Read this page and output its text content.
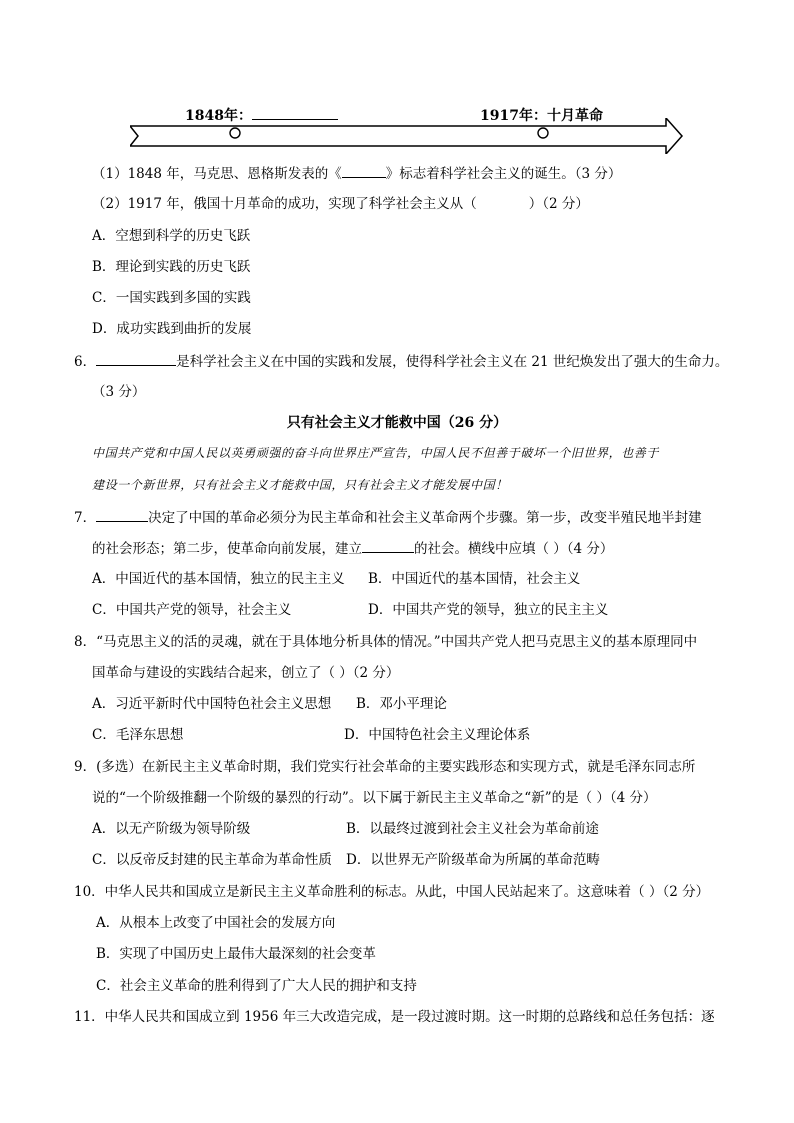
1848年：	1917年：十月革命
（1）1848 年，马克思、恩格斯发表的《	》标志着科学社会主义的诞生。（3 分）
（2）1917 年，俄国十月革命的成功，实现了科学社会主义从（	）（2 分）
A．空想到科学的历史飞跃
B．理论到实践的历史飞跃
C．一国实践到多国的实践
D．成功实践到曲折的发展
6．	是科学社会主义在中国的实践和发展，使得科学社会主义在 21 世纪焕发出了强大的生命力。
（3 分）
只有社会主义才能救中国（26 分）
中国共产党和中国人民以英勇顽强的奋斗向世界庄严宣告，中国人民不但善于破坏一个旧世界，也善于
建设一个新世界，只有社会主义才能救中国，只有社会主义才能发展中国！
7．	决定了中国的革命必须分为民主革命和社会主义革命两个步骤。第一步，改变半殖民地半封建
的社会形态；第二步，使革命向前发展，建立	的社会。横线中应填（ ）（4 分）
A．中国近代的基本国情，独立的民主主义 B．中国近代的基本国情，社会主义
C．中国共产党的领导，社会主义	D．中国共产党的领导，独立的民主主义
8．“马克思主义的活的灵魂，就在于具体地分析具体的情况。”中国共产党人把马克思主义的基本原理同中
国革命与建设的实践结合起来，创立了（ ）（2 分）
A．习近平新时代中国特色社会主义思想 B．邓小平理论
C．毛泽东思想	D．中国特色社会主义理论体系
9．(多选）在新民主主义革命时期，我们党实行社会革命的主要实践形态和实现方式，就是毛泽东同志所
说的“一个阶级推翻一个阶级的暴烈的行动”。以下属于新民主主义革命之“新”的是（ ）（4 分）
A．以无产阶级为领导阶级	B．以最终过渡到社会主义社会为革命前途
C．以反帝反封建的民主革命为革命性质 D．以世界无产阶级革命为所属的革命范畴
10．中华人民共和国成立是新民主主义革命胜利的标志。从此，中国人民站起来了。这意味着（ ）（2 分）
A．从根本上改变了中国社会的发展方向
B．实现了中国历史上最伟大最深刻的社会变革
C．社会主义革命的胜利得到了广大人民的拥护和支持
11．中华人民共和国成立到 1956 年三大改造完成，是一段过渡时期。这一时期的总路线和总任务包括：逐
